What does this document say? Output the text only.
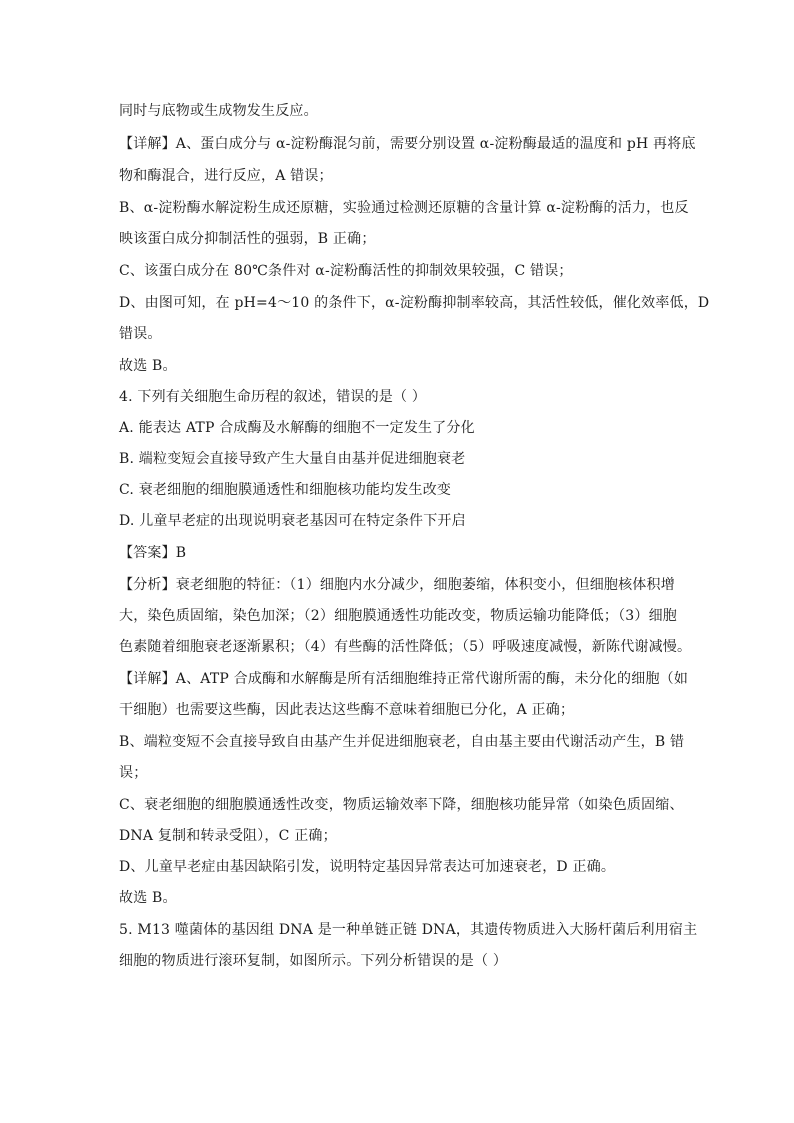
同时与底物或生成物发生反应。
【详解】A、蛋白成分与 α-淀粉酶混匀前，需要分别设置 α-淀粉酶最适的温度和 pH 再将底
物和酶混合，进行反应，A 错误；
B、α-淀粉酶水解淀粉生成还原糖，实验通过检测还原糖的含量计算 α-淀粉酶的活力，也反
映该蛋白成分抑制活性的强弱，B 正确；
C、该蛋白成分在 80℃条件对 α-淀粉酶活性的抑制效果较强，C 错误；
D、由图可知，在 pH=4～10 的条件下，α-淀粉酶抑制率较高，其活性较低，催化效率低，D
错误。
故选 B。
4. 下列有关细胞生命历程的叙述，错误的是（ ）
A. 能表达 ATP 合成酶及水解酶的细胞不一定发生了分化
B. 端粒变短会直接导致产生大量自由基并促进细胞衰老
C. 衰老细胞的细胞膜通透性和细胞核功能均发生改变
D. 儿童早老症的出现说明衰老基因可在特定条件下开启
【答案】B
【分析】衰老细胞的特征：（1）细胞内水分减少，细胞萎缩，体积变小，但细胞核体积增
大，染色质固缩，染色加深；（2）细胞膜通透性功能改变，物质运输功能降低；（3）细胞
色素随着细胞衰老逐渐累积；（4）有些酶的活性降低；（5）呼吸速度减慢，新陈代谢减慢。
【详解】A、ATP 合成酶和水解酶是所有活细胞维持正常代谢所需的酶，未分化的细胞（如
干细胞）也需要这些酶，因此表达这些酶不意味着细胞已分化，A 正确；
B、端粒变短不会直接导致自由基产生并促进细胞衰老，自由基主要由代谢活动产生，B 错
误；
C、衰老细胞的细胞膜通透性改变，物质运输效率下降，细胞核功能异常（如染色质固缩、
DNA 复制和转录受阻），C 正确；
D、儿童早老症由基因缺陷引发，说明特定基因异常表达可加速衰老，D 正确。
故选 B。
5. M13 噬菌体的基因组 DNA 是一种单链正链 DNA，其遗传物质进入大肠杆菌后利用宿主
细胞的物质进行滚环复制，如图所示。下列分析错误的是（ ）
